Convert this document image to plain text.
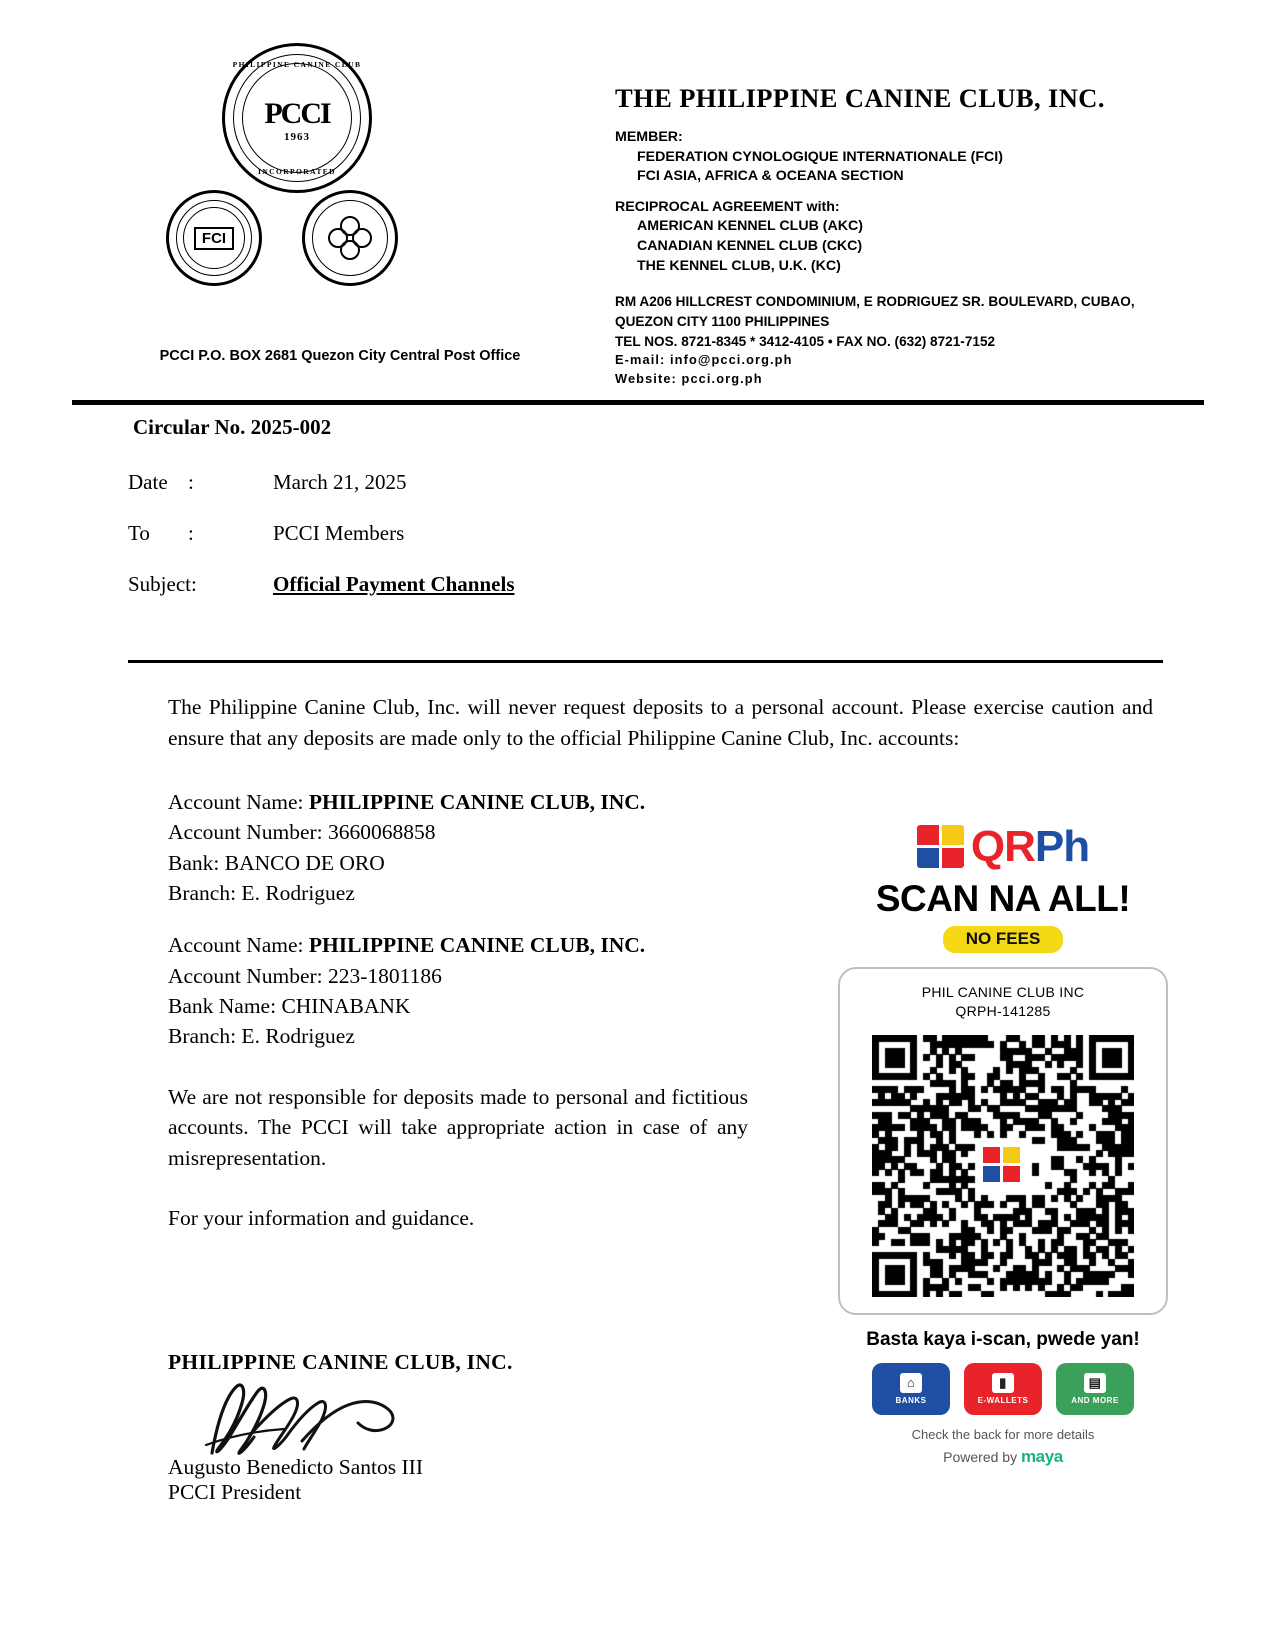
PHILIPPINE CANINE CLUB
PCCI
1963
INCORPORATED
FCI
PCCI P.O. BOX 2681 Quezon City Central Post Office
THE PHILIPPINE CANINE CLUB, INC.
MEMBER:
FEDERATION CYNOLOGIQUE INTERNATIONALE (FCI)
FCI ASIA, AFRICA & OCEANA SECTION
RECIPROCAL AGREEMENT with:
AMERICAN KENNEL CLUB (AKC)
CANADIAN KENNEL CLUB (CKC)
THE KENNEL CLUB, U.K. (KC)
RM A206 HILLCREST CONDOMINIUM, E RODRIGUEZ SR. BOULEVARD, CUBAO,
QUEZON CITY 1100 PHILIPPINES
TEL NOS. 8721-8345 * 3412-4105 • FAX NO. (632) 8721-7152
E-mail: info@pcci.org.ph
Website: pcci.org.ph
Circular No. 2025-002
Date :	March 21, 2025
To	:	PCCI Members
Subject:	Official Payment Channels
The Philippine Canine Club, Inc. will never request deposits to a personal account. Please exercise caution and ensure that any deposits are made only to the official Philippine Canine Club, Inc. accounts:
Account Name: PHILIPPINE CANINE CLUB, INC.
Account Number: 3660068858
Bank: BANCO DE ORO
Branch: E. Rodriguez
Account Name: PHILIPPINE CANINE CLUB, INC.
Account Number: 223-1801186
Bank Name: CHINABANK
Branch: E. Rodriguez
We are not responsible for deposits made to personal and fictitious accounts. The PCCI will take appropriate action in case of any misrepresentation.
For your information and guidance.
PHILIPPINE CANINE CLUB, INC.
Augusto Benedicto Santos III
PCCI President
QRPh
SCAN NA ALL!
NO FEES
PHIL CANINE CLUB INC
QRPH-141285
Basta kaya i-scan, pwede yan!
⌂
BANKS
▮
E-WALLETS
▤
AND MORE
Check the back for more details
Powered by maya
